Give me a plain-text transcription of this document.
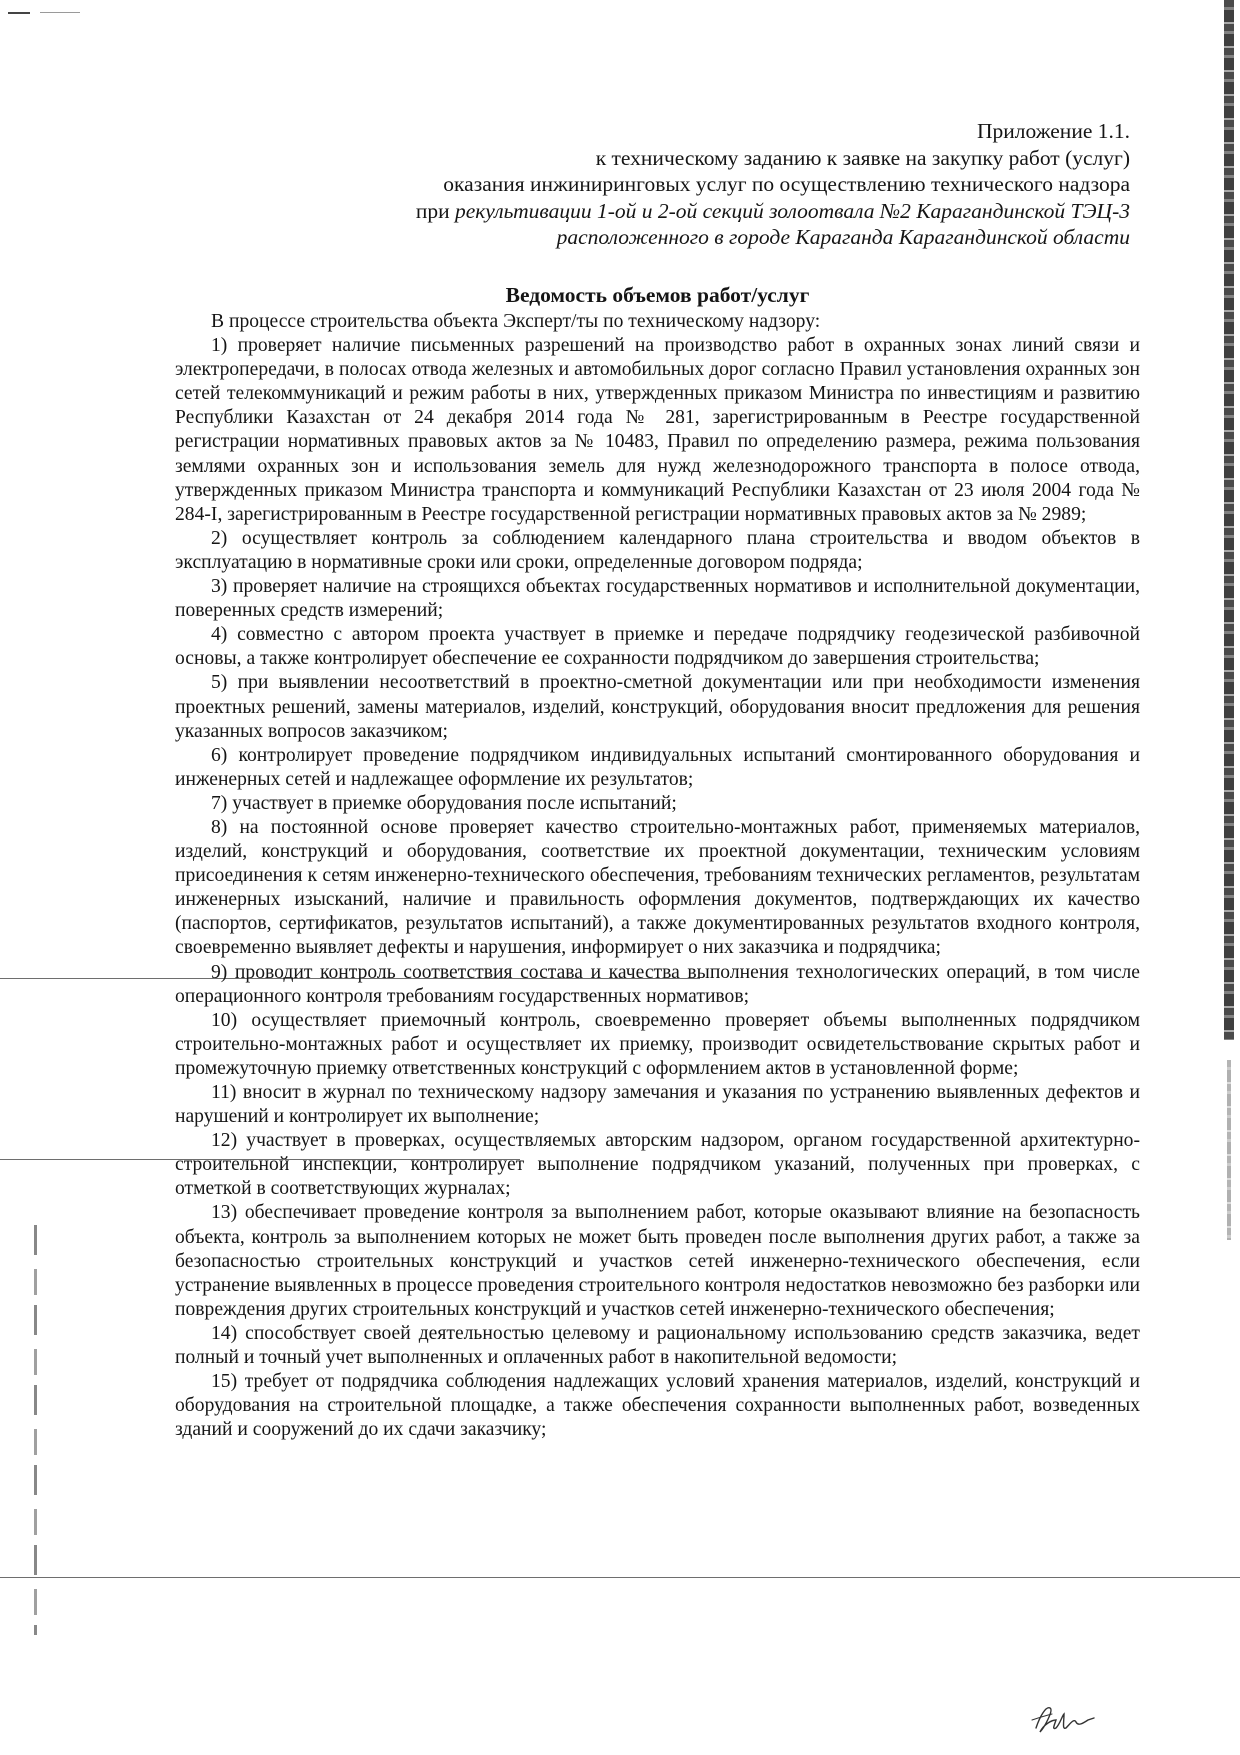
Приложение 1.1.
к техническому заданию к заявке на закупку работ (услуг)
оказания инжиниринговых услуг по осуществлению технического надзора
при рекультивации 1-ой и 2-ой секций золоотвала №2 Карагандинской ТЭЦ-3
расположенного в городе Караганда Карагандинской области
Ведомость объемов работ/услуг

В процессе строительства объекта Эксперт/ты по техническому надзору:

1) проверяет наличие письменных разрешений на производство работ в охранных зонах линий связи и электропередачи, в полосах отвода железных и автомобильных дорог согласно Правил установления охранных зон сетей телекоммуникаций и режим работы в них, утвержденных приказом Министра по инвестициям и развитию Республики Казахстан от 24 декабря 2014 года № 281, зарегистрированным в Реестре государственной регистрации нормативных правовых актов за № 10483, Правил по определению размера, режима пользования землями охранных зон и использования земель для нужд железнодорожного транспорта в полосе отвода, утвержденных приказом Министра транспорта и коммуникаций Республики Казахстан от 23 июля 2004 года № 284-I, зарегистрированным в Реестре государственной регистрации нормативных правовых актов за № 2989;

2) осуществляет контроль за соблюдением календарного плана строительства и вводом объектов в эксплуатацию в нормативные сроки или сроки, определенные договором подряда;

3) проверяет наличие на строящихся объектах государственных нормативов и исполнительной документации, поверенных средств измерений;

4) совместно с автором проекта участвует в приемке и передаче подрядчику геодезической разбивочной основы, а также контролирует обеспечение ее сохранности подрядчиком до завершения строительства;

5) при выявлении несоответствий в проектно-сметной документации или при необходимости изменения проектных решений, замены материалов, изделий, конструкций, оборудования вносит предложения для решения указанных вопросов заказчиком;

6) контролирует проведение подрядчиком индивидуальных испытаний смонтированного оборудования и инженерных сетей и надлежащее оформление их результатов;

7) участвует в приемке оборудования после испытаний;

8) на постоянной основе проверяет качество строительно-монтажных работ, применяемых материалов, изделий, конструкций и оборудования, соответствие их проектной документации, техническим условиям присоединения к сетям инженерно-технического обеспечения, требованиям технических регламентов, результатам инженерных изысканий, наличие и правильность оформления документов, подтверждающих их качество (паспортов, сертификатов, результатов испытаний), а также документированных результатов входного контроля, своевременно выявляет дефекты и нарушения, информирует о них заказчика и подрядчика;

9) проводит контроль соответствия состава и качества выполнения технологических операций, в том числе операционного контроля требованиям государственных нормативов;

10) осуществляет приемочный контроль, своевременно проверяет объемы выполненных подрядчиком строительно-монтажных работ и осуществляет их приемку, производит освидетельствование скрытых работ и промежуточную приемку ответственных конструкций с оформлением актов в установленной форме;

11) вносит в журнал по техническому надзору замечания и указания по устранению выявленных дефектов и нарушений и контролирует их выполнение;

12) участвует в проверках, осуществляемых авторским надзором, органом государственной архитектурно-строительной инспекции, контролирует выполнение подрядчиком указаний, полученных при проверках, с отметкой в соответствующих журналах;

13) обеспечивает проведение контроля за выполнением работ, которые оказывают влияние на безопасность объекта, контроль за выполнением которых не может быть проведен после выполнения других работ, а также за безопасностью строительных конструкций и участков сетей инженерно-технического обеспечения, если устранение выявленных в процессе проведения строительного контроля недостатков невозможно без разборки или повреждения других строительных конструкций и участков сетей инженерно-технического обеспечения;

14) способствует своей деятельностью целевому и рациональному использованию средств заказчика, ведет полный и точный учет выполненных и оплаченных работ в накопительной ведомости;

15) требует от подрядчика соблюдения надлежащих условий хранения материалов, изделий, конструкций и оборудования на строительной площадке, а также обеспечения сохранности выполненных работ, возведенных зданий и сооружений до их сдачи заказчику;
